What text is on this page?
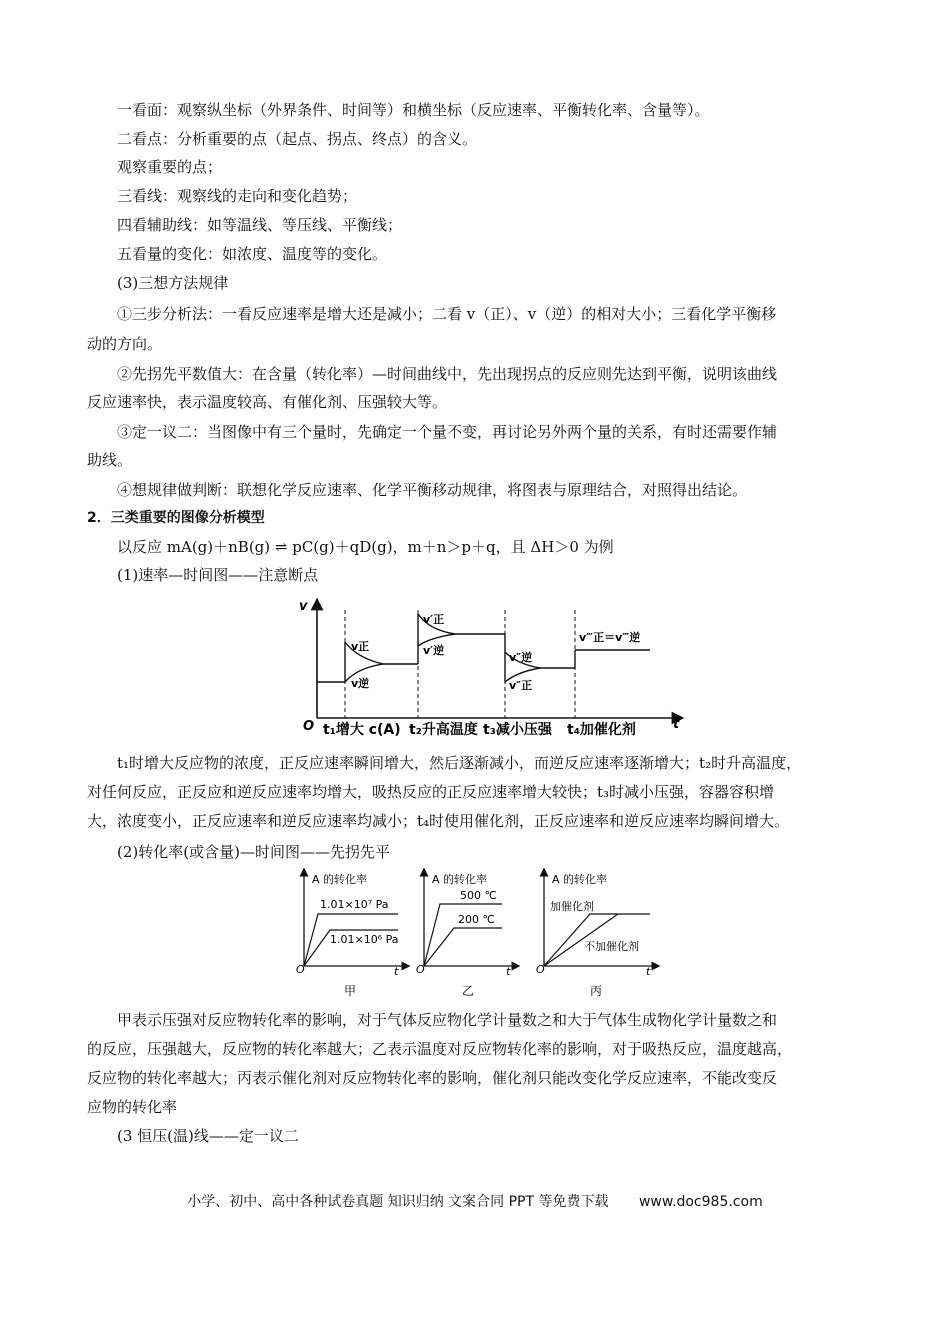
一看面：观察纵坐标（外界条件、时间等）和横坐标（反应速率、平衡转化率、含量等）。
二看点：分析重要的点（起点、拐点、终点）的含义。
观察重要的点；
三看线：观察线的走向和变化趋势；
四看辅助线：如等温线、等压线、平衡线；
五看量的变化：如浓度、温度等的变化。
(3)三想方法规律
①三步分析法：一看反应速率是增大还是减小；二看 v（正）、v（逆）的相对大小；三看化学平衡移
动的方向。
②先拐先平数值大：在含量（转化率）—时间曲线中，先出现拐点的反应则先达到平衡，说明该曲线
反应速率快，表示温度较高、有催化剂、压强较大等。
③定一议二：当图像中有三个量时，先确定一个量不变，再讨论另外两个量的关系，有时还需要作辅
助线。
④想规律做判断：联想化学反应速率、化学平衡移动规律，将图表与原理结合，对照得出结论。
2．三类重要的图像分析模型
以反应 mA(g)＋nB(g) ⇌ pC(g)＋qD(g)，m＋n＞p＋q，且 ΔH＞0 为例
(1)速率—时间图——注意断点
v
O	t
t₁增大 c(A) t₂升高温度 t₃减小压强 t₄加催化剂
v正
v逆
v′正
v′逆
v″逆
v″正
v‴正＝v‴逆
t₁时增大反应物的浓度，正反应速率瞬间增大，然后逐渐减小，而逆反应速率逐渐增大；t₂时升高温度，
对任何反应，正反应和逆反应速率均增大，吸热反应的正反应速率增大较快；t₃时减小压强，容器容积增
大，浓度变小，正反应速率和逆反应速率均减小；t₄时使用催化剂，正反应速率和逆反应速率均瞬间增大。
(2)转化率(或含量)—时间图——先拐先平
A 的转化率
1.01×10⁷ Pa
1.01×10⁶ Pa
O	t
甲
A 的转化率
500 ℃
200 ℃
O	t
乙
A 的转化率
加催化剂
不加催化剂
O	t
丙
甲表示压强对反应物转化率的影响，对于气体反应物化学计量数之和大于气体生成物化学计量数之和
的反应，压强越大，反应物的转化率越大；乙表示温度对反应物转化率的影响，对于吸热反应，温度越高，
反应物的转化率越大；丙表示催化剂对反应物转化率的影响，催化剂只能改变化学反应速率，不能改变反
应物的转化率
(3 恒压(温)线——定一议二
小学、初中、高中各种试卷真题 知识归纳 文案合同 PPT 等免费下载 www.doc985.com
